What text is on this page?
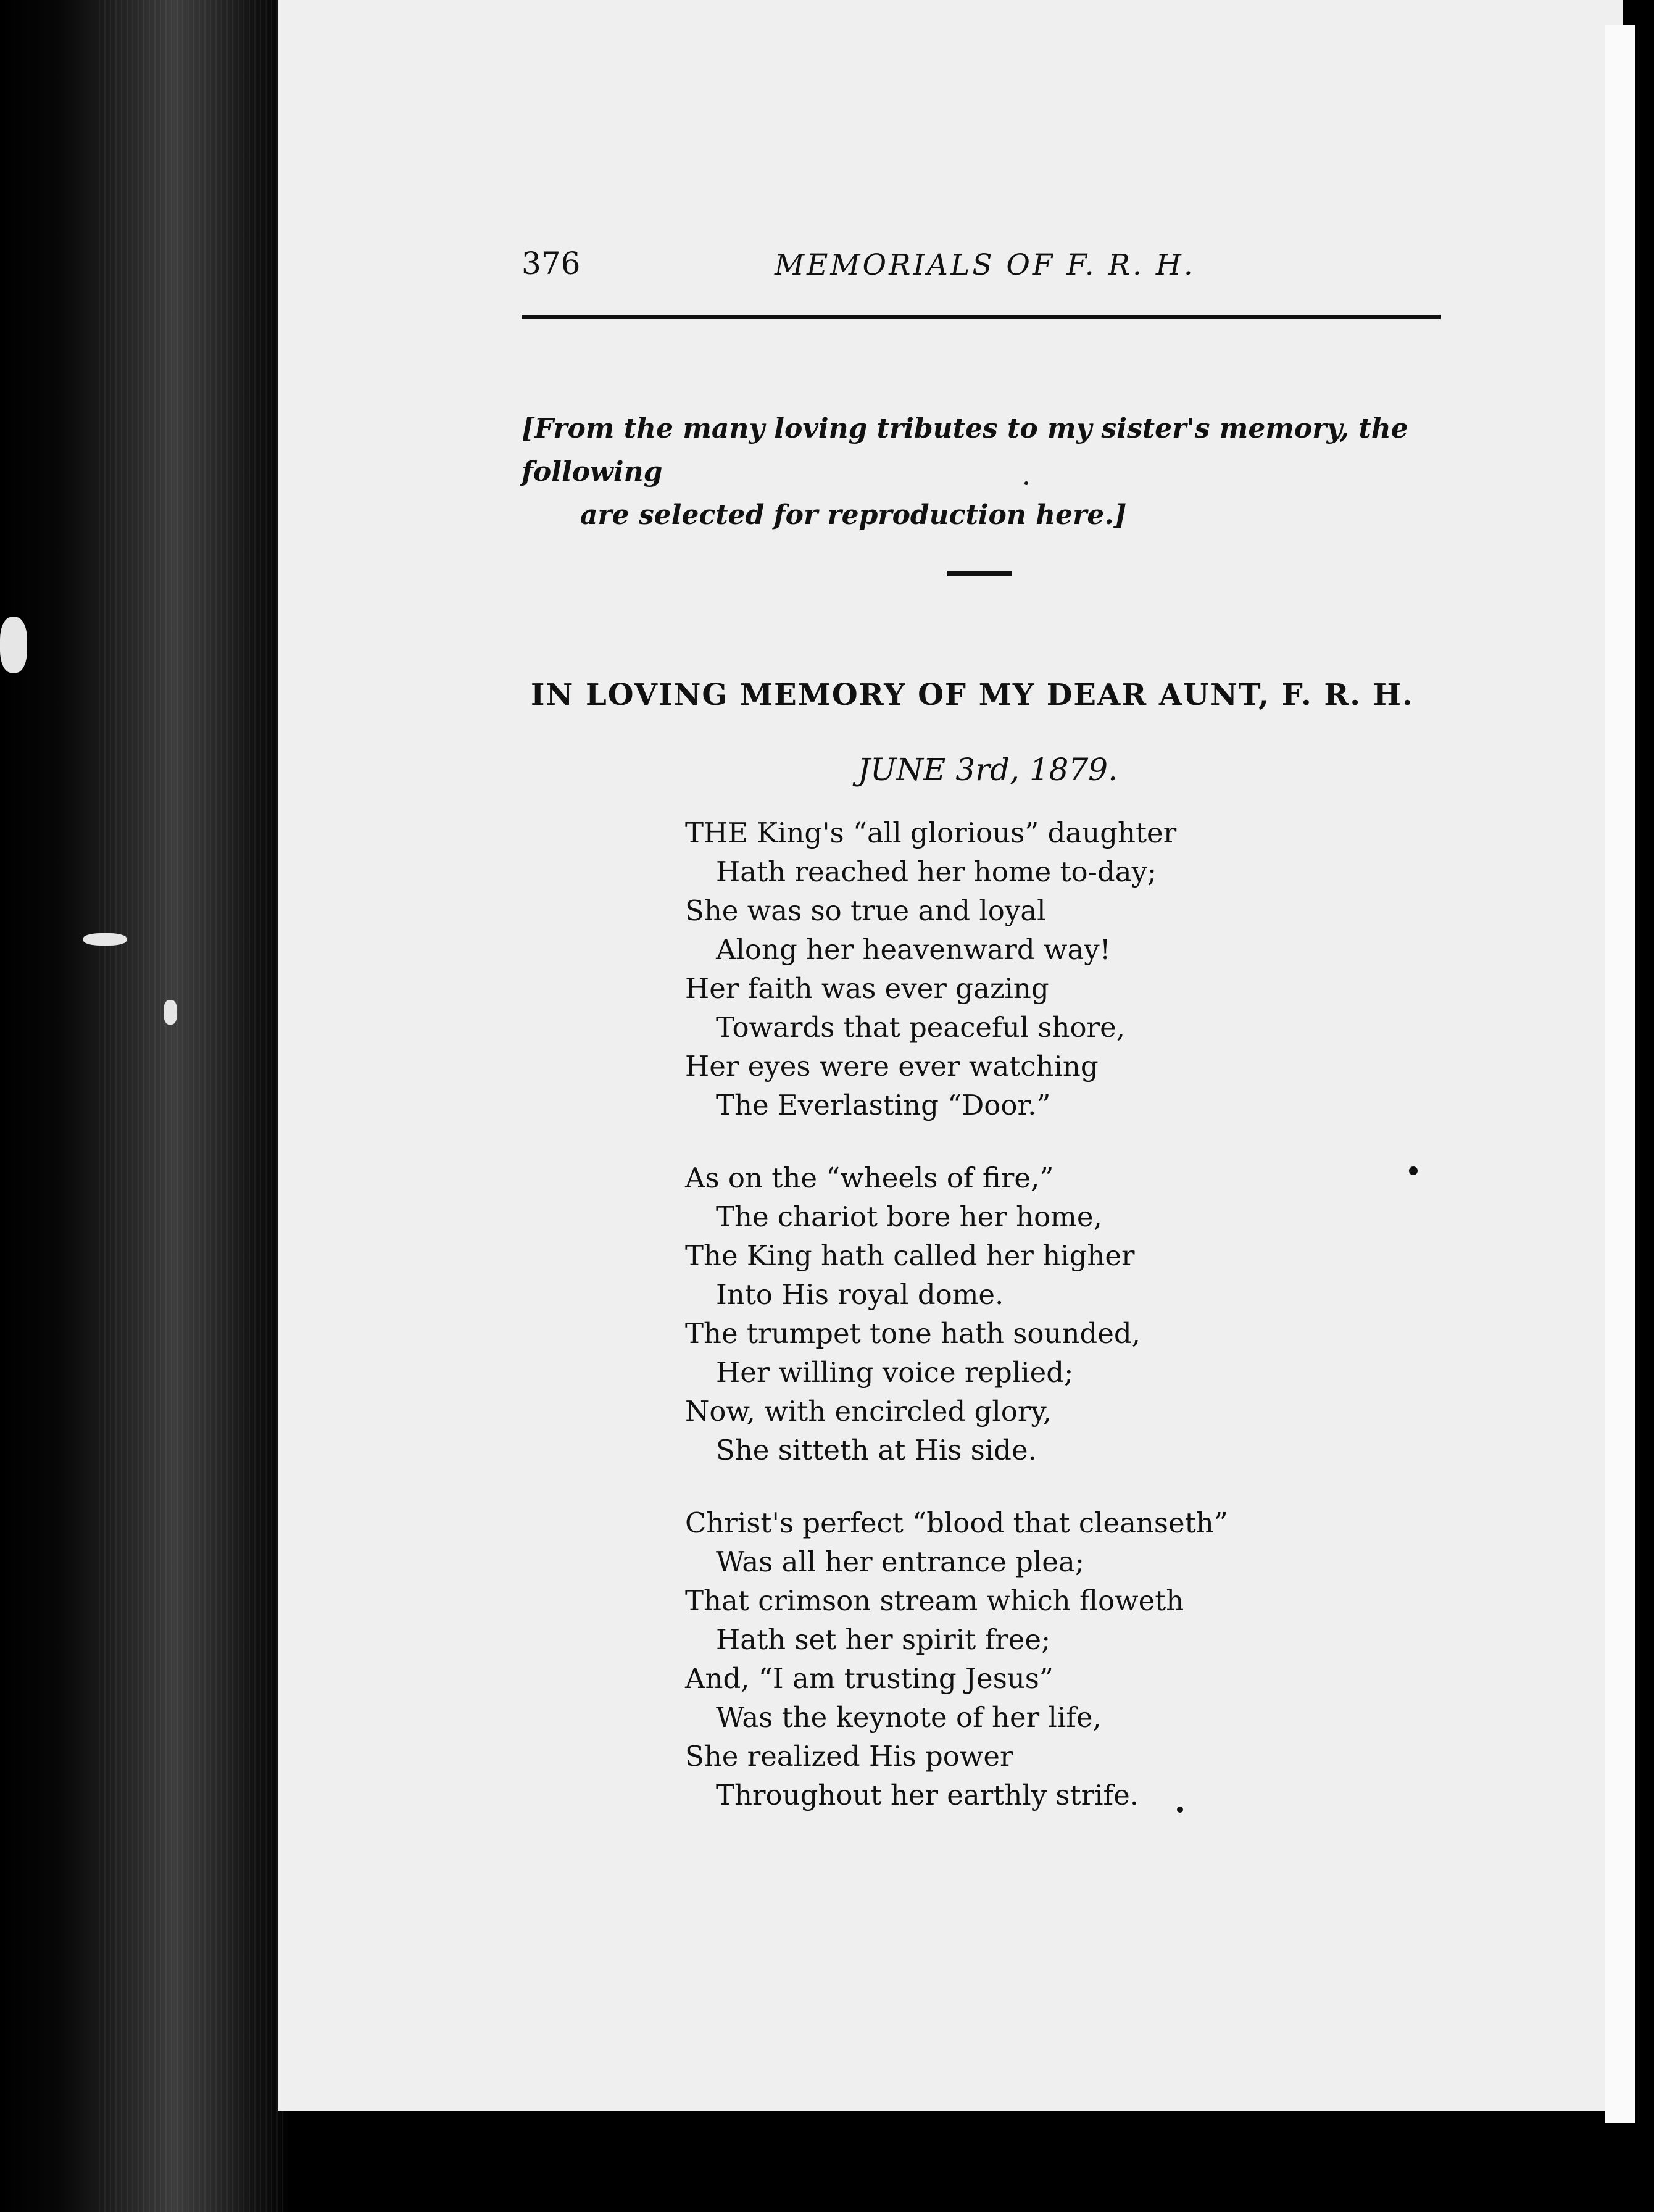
376	MEMORIALS OF F. R. H.
[From the many loving tributes to my sister's memory, the following
are selected for reproduction here.]
IN LOVING MEMORY OF MY DEAR AUNT, F. R. H.
JUNE 3rd, 1879.
THE King's “all glorious” daughter
Hath reached her home to-day;
She was so true and loyal
Along her heavenward way!
Her faith was ever gazing
Towards that peaceful shore,
Her eyes were ever watching
The Everlasting “Door.”
As on the “wheels of fire,”
The chariot bore her home,
The King hath called her higher
Into His royal dome.
The trumpet tone hath sounded,
Her willing voice replied;
Now, with encircled glory,
She sitteth at His side.
Christ's perfect “blood that cleanseth”
Was all her entrance plea;
That crimson stream which floweth
Hath set her spirit free;
And, “I am trusting Jesus”
Was the keynote of her life,
She realized His power
Throughout her earthly strife.
